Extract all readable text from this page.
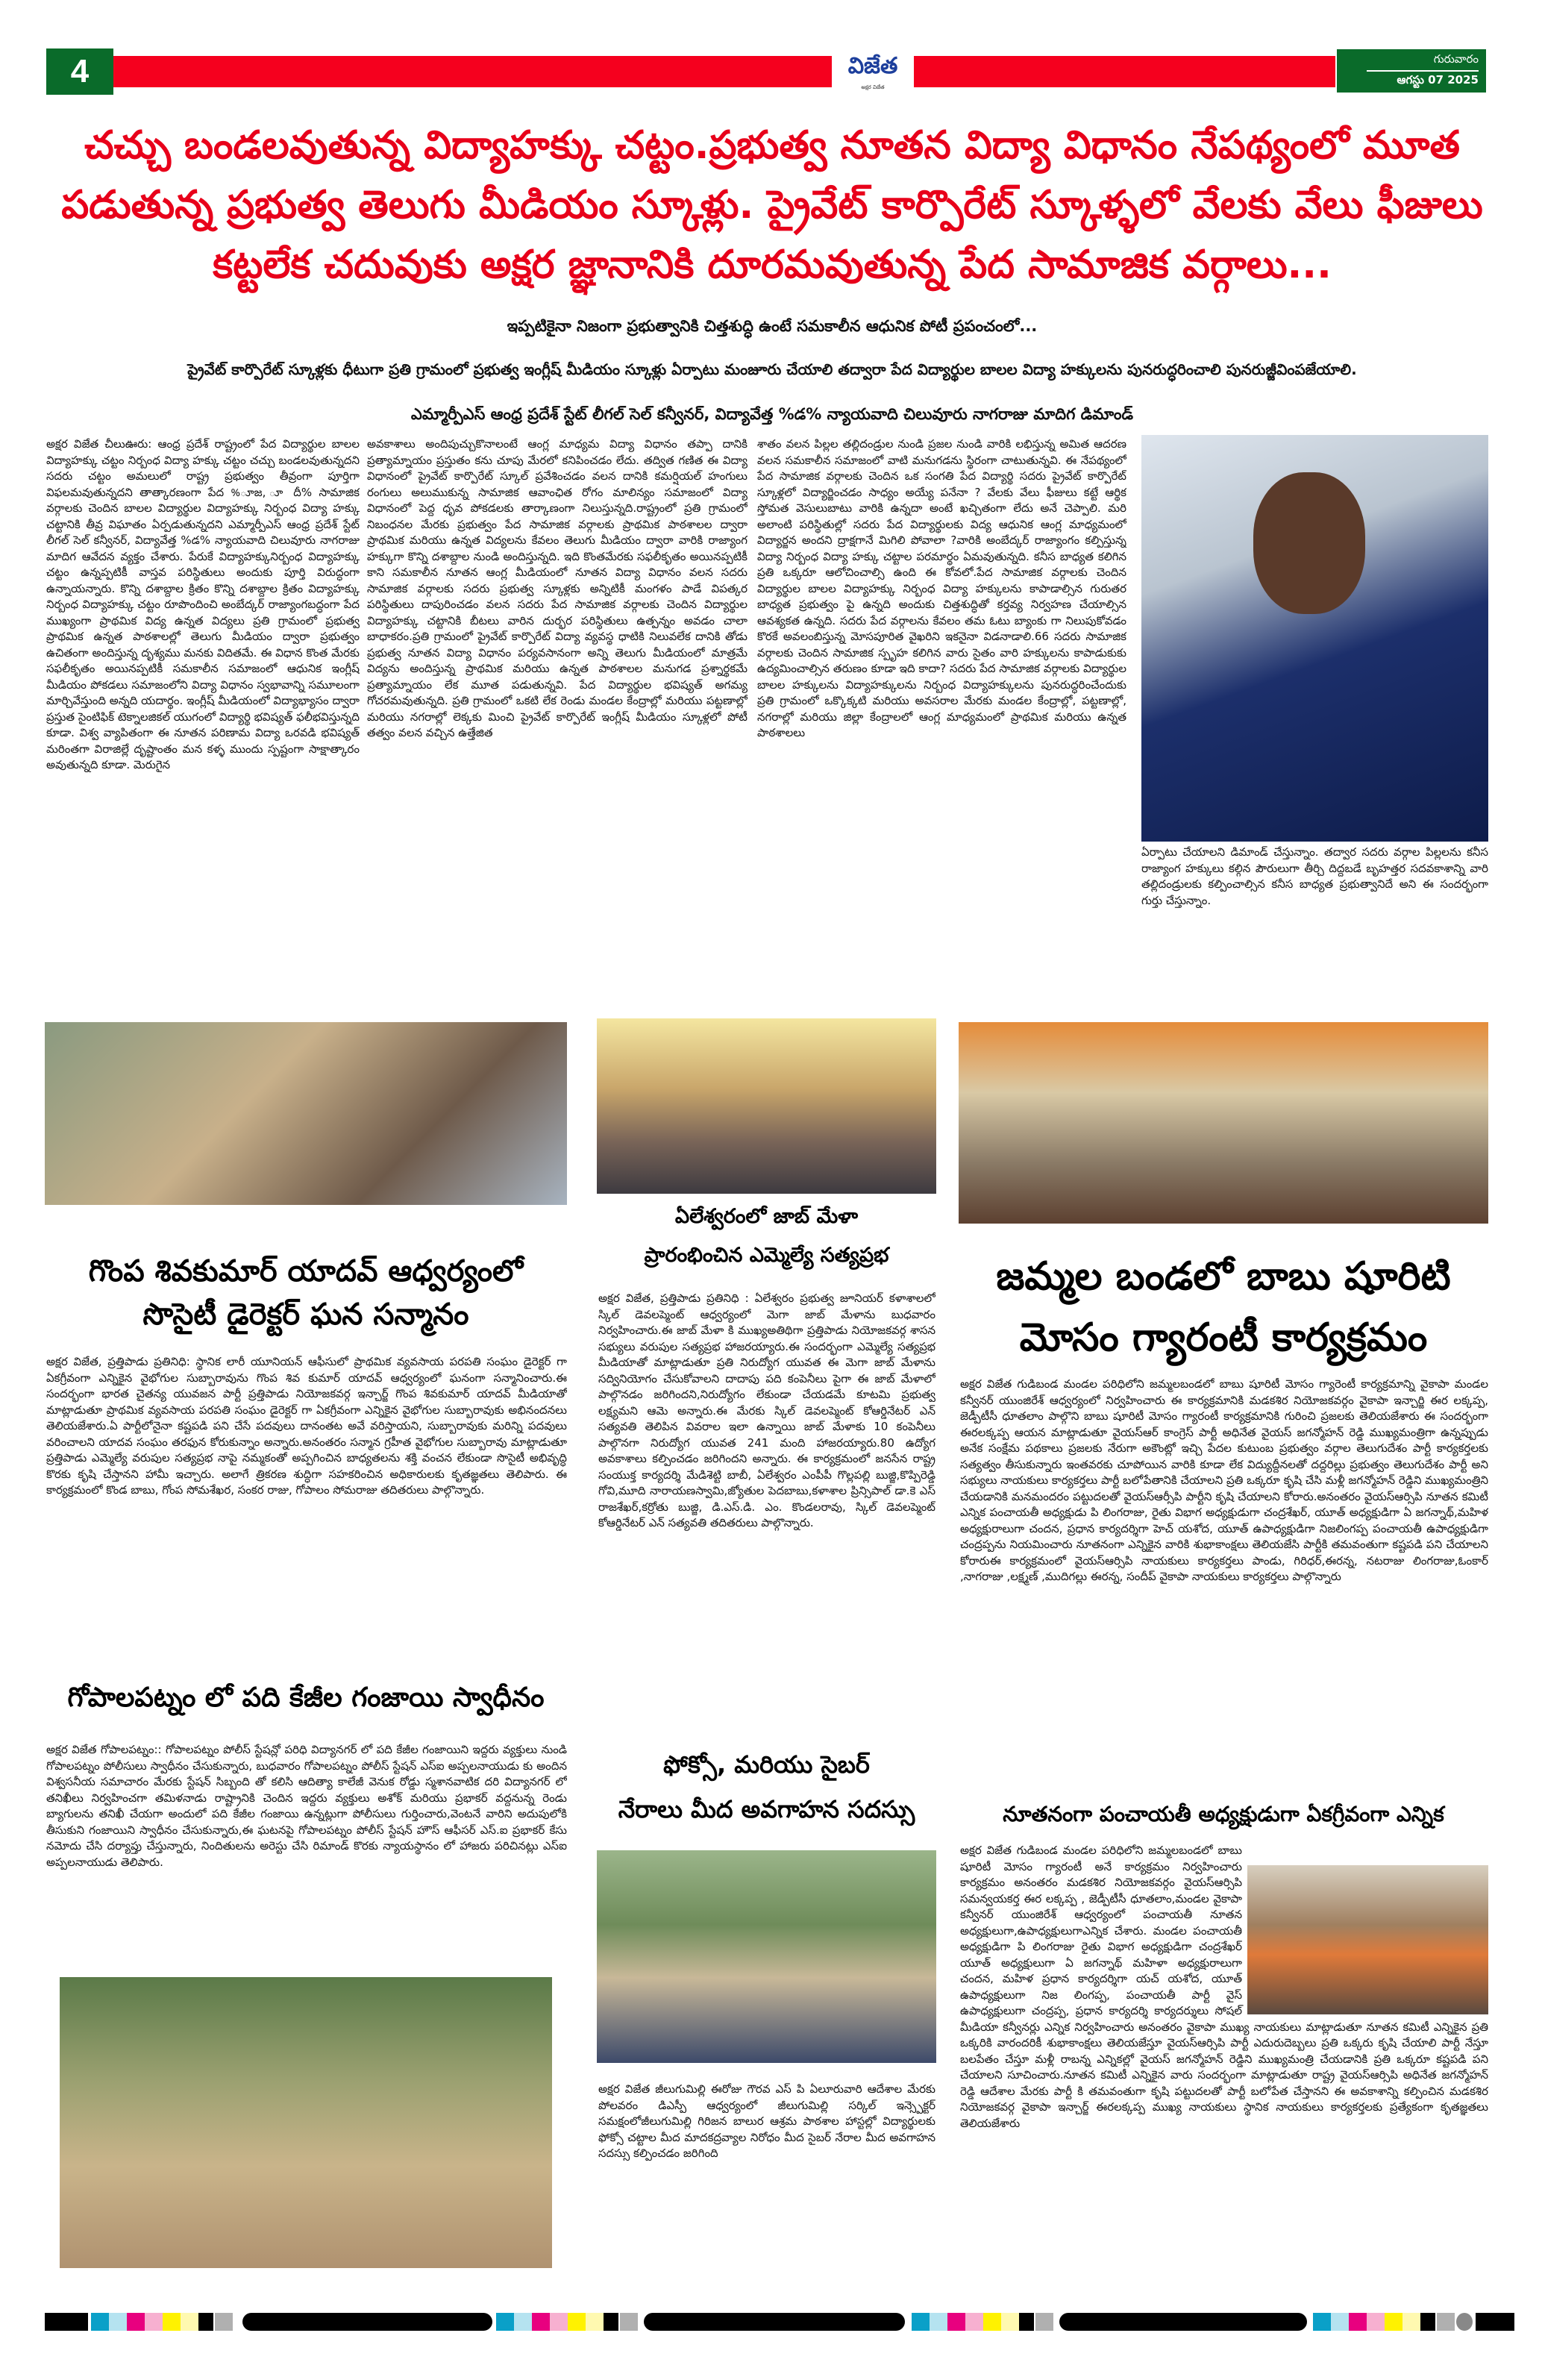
4	విజేత
అక్షర విజేత
గురువారం
ఆగస్టు 07 2025
చచ్చు బండలవుతున్న విద్యాహక్కు చట్టం.ప్రభుత్వ నూతన విద్యా విధానం నేపథ్యంలో మూత
పడుతున్న ప్రభుత్వ తెలుగు మీడియం స్కూళ్లు. ప్రైవేట్ కార్పొరేట్ స్కూళ్ళలో వేలకు వేలు ఫీజులు
కట్టలేక చదువుకు అక్షర జ్ఞానానికి దూరమవుతున్న పేద సామాజిక వర్గాలు...
ఇప్పటికైనా నిజంగా ప్రభుత్వానికి చిత్తశుద్ధి ఉంటే సమకాలీన ఆధునిక పోటీ ప్రపంచంలో...
ప్రైవేట్ కార్పొరేట్ స్కూళ్లకు ధీటుగా ప్రతి గ్రామంలో ప్రభుత్వ ఇంగ్లీష్ మీడియం స్కూళ్లు ఏర్పాటు మంజూరు చేయాలి తద్వారా పేద విద్యార్థుల బాలల విద్యా హక్కులను పునరుద్ధరించాలి పునరుజ్జీవింపజేయాలి.
ఎమ్మార్పీఎస్ ఆంధ్ర ప్రదేశ్ స్టేట్ లీగల్ సెల్ కన్వీనర్, విద్యావేత్త %డ% న్యాయవాది చిలువూరు నాగరాజు మాదిగ డిమాండ్
అక్షర విజేత చీలుఊరు: ఆంధ్ర ప్రదేశ్ రాష్ట్రంలో పేద విద్యార్థుల బాలల విద్యాహక్కు చట్టం నిర్బంధ విద్యా హక్కు చట్టం చచ్చు బండలవుతున్నదని సదరు చట్టం అమలులో రాష్ట్ర ప్రభుత్వం తీవ్రంగా పూర్తిగా విఫలమవుతున్నదని తాత్కారణంగా పేద %ూజ, ూ దీ% సామాజిక వర్గాలకు చెందిన బాలల విద్యార్థుల విద్యాహక్కు నిర్బంధ విద్యా హక్కు చట్టానికి తీవ్ర విఘాతం ఏర్పడుతున్నదని ఎమ్మార్పీఎస్ ఆంధ్ర ప్రదేశ్ స్టేట్ లీగల్ సెల్ కన్వీనర్, విద్యావేత్త %డ% న్యాయవాది చిలువూరు నాగరాజు మాదిగ ఆవేదన వ్యక్తం చేశారు. పేరుకే విద్యాహక్కునిర్బంధ విద్యాహక్కు చట్టం ఉన్నప్పటికీ వాస్తవ పరిస్థితులు అందుకు పూర్తి విరుద్ధంగా ఉన్నాయన్నారు. కొన్ని దశాబ్దాల క్రితం కొన్ని దశాబ్దాల క్రితం విద్యాహక్కు నిర్బంధ విద్యాహక్కు చట్టం రూపొందించి అంబేద్కర్ రాజ్యాంగబద్ధంగా పేద ముఖ్యంగా ప్రాథమిక విద్య ఉన్నత విద్యలు ప్రతి గ్రామంలో ప్రభుత్వ ప్రాథమిక ఉన్నత పాఠశాలల్లో తెలుగు మీడియం ద్వారా ప్రభుత్వం ఉచితంగా అందిస్తున్న దృశ్యము మనకు విదితమే. ఈ విధాన కొంత మేరకు సఫలీకృతం అయినప్పటికీ సమకాలీన సమాజంలో ఆధునిక ఇంగ్లీష్ మీడియం పోకడలు సమాజంలోని విద్యా విధానం స్వభావాన్ని సమూలంగా మార్చివేస్తుంది అన్నది యదార్థం. ఇంగ్లీష్ మీడియంలో విద్యాభ్యాసం ద్వారా ప్రస్తుత సైంటిఫిక్ టెక్నాలజికల్ యుగంలో విద్యార్థి భవిష్యత్ ఫలీభవిస్తున్నది కూడా. విశ్వ వ్యాపితంగా ఈ నూతన పరిణామ విద్యా ఒరవడి భవిష్యత్ మరింతగా విరాజిల్లే దృష్టాంతం మన కళ్ళ ముందు స్పష్టంగా సాక్షాత్కారం అవుతున్నది కూడా. మెరుగైన
అవకాశాలు అందిపుచ్చుకొనాలంటే ఆంగ్ల మాధ్యమ విద్యా విధానం తప్పా దానికి ప్రత్యామ్నాయం ప్రస్తుతం కను చూపు మేరలో కనిపించడం లేదు. తద్విత గణిత ఈ విద్యా విధానంలో ప్రైవేట్ కార్పొరేట్ స్కూల్ ప్రవేశించడం వలన దానికి కమర్షియల్ హంగులు రంగులు అలుముకున్న సామాజిక ఆవాంఛిత రోగం మాలిన్యం సమాజంలో విద్యా విధానంలో పెద్ద ధృవ పోకడలకు తార్కాణంగా నిలుస్తున్నది.రాష్ట్రంలో ప్రతి గ్రామంలో నిబంధనల మేరకు ప్రభుత్వం పేద సామాజిక వర్గాలకు ప్రాథమిక పాఠశాలల ద్వారా ప్రాథమిక మరియు ఉన్నత విద్యలను కేవలం తెలుగు మీడియం ద్వారా వారికి రాజ్యాంగ హక్కుగా కొన్ని దశాబ్దాల నుండి అందిస్తున్నది. ఇది కొంతమేరకు సఫలీకృతం అయినప్పటికీ కాని సమకాలీన నూతన ఆంగ్ల మీడియంలో నూతన విద్యా విధానం వలన సదరు సామాజిక వర్గాలకు సదరు ప్రభుత్వ స్కూళ్లకు అన్నిటికీ మంగళం పాడే విపత్కర పరిస్థితులు దాపురించడం వలన సదరు పేద సామాజిక వర్గాలకు చెందిన విద్యార్థుల విద్యాహక్కు చట్టానికి బీటలు వారిన దుర్భర పరిస్థితులు ఉత్పన్నం అవడం చాలా బాధాకరం.ప్రతి గ్రామంలో ప్రైవేట్ కార్పొరేట్ విద్యా వ్యవస్థ ధాటికి నిలువలేక దానికి తోడు ప్రభుత్వ నూతన విద్యా విధానం పర్యవసానంగా అన్ని తెలుగు మీడియంలో మాత్రమే విద్యను అందిస్తున్న ప్రాథమిక మరియు ఉన్నత పాఠశాలల మనుగడ ప్రశ్నార్థకమే ప్రత్యామ్నాయం లేక మూత పడుతున్నవి. పేద విద్యార్థుల భవిష్యత్ అగమ్య గోచరమవుతున్నది. ప్రతి గ్రామంలో ఒకటి లేక రెండు మండల కేంద్రాల్లో మరియు పట్టణాల్లో మరియు నగరాల్లో లెక్కకు మించి ప్రైవేట్ కార్పొరేట్ ఇంగ్లీష్ మీడియం స్కూళ్లలో పోటీ తత్వం వలన వచ్చిన ఉత్తేజిత
శాతం వలన పిల్లల తల్లిదండ్రుల నుండి ప్రజల నుండి వారికి లభిస్తున్న అమిత ఆదరణ వలన సమకాలీన సమాజంలో వాటి మనుగడను స్థిరంగా చాటుతున్నవి. ఈ నేపథ్యంలో పేద సామాజిక వర్గాలకు చెందిన ఒక సంగతి పేద విద్యార్థి సదరు ప్రైవేట్ కార్పొరేట్ స్కూళ్లలో విద్యార్జించడం సాధ్యం అయ్యే పనేనా ? వేలకు వేలు ఫీజులు కట్టే ఆర్థిక స్తోమత వెసులుబాటు వారికి ఉన్నదా అంటే ఖచ్చితంగా లేదు అనే చెప్పాలి. మరి అలాంటి పరిస్థితుల్లో సదరు పేద విద్యార్థులకు విద్య ఆధునిక ఆంగ్ల మాధ్యమంలో విద్యార్జన అందని ద్రాక్షగానే మిగిలి పోవాలా ?వారికి అంబేద్కర్ రాజ్యాంగం కల్పిస్తున్న విద్యా నిర్బంధ విద్యా హక్కు చట్టాల పరమార్థం ఏమవుతున్నది. కనీస బాధ్యత కలిగిన ప్రతి ఒక్కరూ ఆలోచించాల్సి ఉంది ఈ కోవలో.పేద సామాజిక వర్గాలకు చెందిన విద్యార్థుల బాలల విద్యాహక్కు నిర్బంధ విద్యా హక్కులను కాపాడాల్సిన గురుతర బాధ్యత ప్రభుత్వం పై ఉన్నది అందుకు చిత్తశుద్ధితో కర్తవ్య నిర్వహణ చేయాల్సిన ఆవశ్యకత ఉన్నది. సదరు పేద వర్గాలను కేవలం తమ ఓటు బ్యాంకు గా నిలుపుకోవడం కొరకే అవలంబిస్తున్న మోసపూరిత వైఖరిని ఇకనైనా విడనాడాలి.66 సదరు సామాజిక వర్గాలకు చెందిన సామాజిక స్పృహ కలిగిన వారు సైతం వారి హక్కులను కాపాడుకుకు ఉద్యమించాల్సిన తరుణం కూడా ఇది కాదా? సదరు పేద సామాజిక వర్గాలకు విద్యార్థుల బాలల హక్కులను విద్యాహక్కులను నిర్బంధ విద్యాహక్కులను పునరుద్ధరించేందుకు ప్రతి గ్రామంలో ఒక్కొక్కటి మరియు అవసరాల మేరకు మండల కేంద్రాల్లో, పట్టణాల్లో, నగరాల్లో మరియు జిల్లా కేంద్రాలలో ఆంగ్ల మాధ్యమంలో ప్రాథమిక మరియు ఉన్నత పాఠశాలలు
ఏర్పాటు చేయాలని డిమాండ్ చేస్తున్నాం. తద్వార సదరు వర్గాల పిల్లలను కనీస రాజ్యాంగ హక్కులు కల్గిన పౌరులుగా తీర్చి దిద్దబడే బృహత్తర సదవకాశాన్ని వారి తల్లిదండ్రులకు కల్పించాల్సిన కనీస బాధ్యత ప్రభుత్వానిదే అని ఈ సందర్భంగా గుర్తు చేస్తున్నాం.
గొంప శివకుమార్ యాదవ్ ఆధ్వర్యంలో
సొసైటీ డైరెక్టర్ ఘన సన్మానం
అక్షర విజేత, ప్రత్తిపాడు ప్రతినిధి: స్థానిక లారీ యూనియన్ ఆఫీసులో ప్రాథమిక వ్యవసాయ పరపతి సంఘం డైరెక్టర్ గా ఏకగ్రీవంగా ఎన్నికైన వైభోగుల సుబ్బారావును గొంప శివ కుమార్ యాదవ్ ఆధ్వర్యంలో ఘనంగా సన్మానించారు.ఈ సందర్భంగా భారత చైతన్య యువజన పార్టీ ప్రత్తిపాడు నియోజకవర్గ ఇన్చార్జ్ గొంప శివకుమార్ యాదవ్ మీడియాతో మాట్లాడుతూ ప్రాథమిక వ్యవసాయ పరపతి సంఘం డైరెక్టర్ గా ఏకగ్రీవంగా ఎన్నికైన వైభోగుల సుబ్బారావుకు అభినందనలు తెలియజేశారు.ఏ పార్టీలోనైనా కష్టపడి పని చేసే పదవులు దానంతట అవే వరిస్తాయని, సుబ్బారావుకు మరిన్ని పదవులు వరించాలని యాదవ సంఘం తరఫున కోరుకున్నాం అన్నారు.అనంతరం సన్మాన గ్రహీత వైభోగుల సుబ్బారావు మాట్లాడుతూ ప్రత్తిపాడు ఎమ్మెల్యే వరుపుల సత్యప్రభ నాపై నమ్మకంతో అప్పగించిన బాధ్యతలను శక్తి వంచన లేకుండా సొసైటీ అభివృద్ధి కొరకు కృషి చేస్తానని హామీ ఇచ్చారు. అలాగే త్రికరణ శుద్ధిగా సహకరించిన అధికారులకు కృతజ్ఞతలు తెలిపారు. ఈ కార్యక్రమంలో కొండ బాబు, గోంప సోమశేఖర, సంకర రాజు, గోపాలం సోమరాజు తదితరులు పాల్గొన్నారు.
గోపాలపట్నం లో పది కేజీల గంజాయి స్వాధీనం
అక్షర విజేత గోపాలపట్నం:: గోపాలపట్నం పోలీస్ స్టేషన్లో పరిధి విద్యానగర్ లో పది కేజీల గంజాయిని ఇద్దరు వ్యక్తులు నుండి గోపాలపట్నం పోలీసులు స్వాధీనం చేసుకున్నారు, బుధవారం గోపాలపట్నం పోలీస్ స్టేషన్ ఎస్ఐ అప్పలనాయుడు కు అందిన విశ్వసనీయ సమాచారం మేరకు స్టేషన్ సిబ్బంది తో కలిసి ఆదిత్యా కాలేజీ వెనుక రోడ్డు స్మశానవాటిక దరి విద్యానగర్ లో తనిఖీలు నిర్వహించగా తమిళనాడు రాష్ట్రానికి చెందిన ఇద్దరు వ్యక్తులు అశోక్ మరియు ప్రభాకర్ వద్దనున్న రెండు బ్యాగులను తనిఖీ చేయగా అందులో పది కేజీల గంజాయి ఉన్నట్లుగా పోలీసులు గుర్తించారు,వెంటనే వారిని అదుపులోకి తీసుకుని గంజాయిని స్వాధీనం చేసుకున్నారు,ఈ ఘటనపై గోపాలపట్నం పోలీస్ స్టేషన్ హౌస్ ఆఫీసర్ ఎస్.ఐ ప్రభాకర్ కేసు నమోదు చేసి దర్యాప్తు చేస్తున్నారు, నిందితులను అరెస్టు చేసి రిమాండ్ కొరకు న్యాయస్థానం లో హాజరు పరిచినట్లు ఎస్ఐ అప్పలనాయుడు తెలిపారు.
ఏలేశ్వరంలో జాబ్ మేళా
ప్రారంభించిన ఎమ్మెల్యే సత్యప్రభ
అక్షర విజేత, ప్రత్తిపాడు ప్రతినిధి : ఏలేశ్వరం ప్రభుత్వ జూనియర్ కళాశాలలో స్కిల్ డెవలప్మెంట్ ఆధ్వర్యంలో మెగా జాబ్ మేళాను బుధవారం నిర్వహించారు.ఈ జాబ్ మేళా కి ముఖ్యఅతిథిగా ప్రత్తిపాడు నియోజకవర్గ శాసన సభ్యులు వరుపుల సత్యప్రభ హాజరయ్యారు.ఈ సందర్భంగా ఎమ్మెల్యే సత్యప్రభ మీడియాతో మాట్లాడుతూ ప్రతి నిరుద్యోగ యువత ఈ మెగా జాబ్ మేళాను సద్వినియోగం చేసుకోవాలని దాదాపు పది కంపెనీలు పైగా ఈ జాబ్ మేళాలో పాల్గొనడం జరిగిందని,నిరుద్యోగం లేకుండా చేయడమే కూటమి ప్రభుత్వ లక్ష్యమని ఆమె అన్నారు.ఈ మేరకు స్కిల్ డెవలప్మెంట్ కోఆర్డినేటర్ ఎన్ సత్యవతి తెలిపిన వివరాల ఇలా ఉన్నాయి జాబ్ మేళాకు 10 కంపెనీలు పాల్గొనగా నిరుద్యోగ యువత 241 మంది హాజరయ్యారు.80 ఉద్యోగ అవకాశాలు కల్పించడం జరిగిందని అన్నారు. ఈ కార్యక్రమంలో జనసేన రాష్ట్ర సంయుక్త కార్యదర్శి మేడిశెట్టి బాబీ, ఏలేశ్వరం ఎంపీపీ గొల్లపల్లి బుజ్జి,కొప్పిరెడ్డి గోవి,మూది నారాయణస్వామి,జ్యోతుల పెదబాబు,కళాశాల ప్రిన్సిపాల్ డా.కె ఎస్ రాజశేఖర్,కర్రోతు బుజ్జి, డి.ఎస్.డి. ఎం. కొండలరావు, స్కిల్ డెవలప్మెంట్ కోఆర్డినేటర్ ఎన్ సత్యవతి తదితరులు పాల్గొన్నారు.
ఫోక్సో, మరియు సైబర్
నేరాలు మీద అవగాహన సదస్సు
అక్షర విజేత జీలుగుమిల్లి ఈరోజు గౌరవ ఎస్ పి ఏలూరువారి ఆదేశాల మేరకు పోలవరం డిఎస్పీ ఆధ్వర్యంలో జీలుగుమిల్లి సర్కిల్ ఇన్స్పెక్టర్ సమక్షంలోజీలుగుమిల్లి గిరిజన బాలుర ఆశ్రమ పాఠశాల హాస్టల్లో విద్యార్థులకు ఫోక్సో చట్టాల మీద మాదకద్రవ్యాల నిరోధం మీద సైబర్ నేరాల మీద అవగాహన సదస్సు కల్పించడం జరిగింది
జమ్మల బండలో బాబు షూరిటి
మోసం గ్యారంటీ కార్యక్రమం
అక్షర విజేత గుడిబండ మండల పరిధిలోని జమ్మలబండలో బాబు షూరిటీ మోసం గ్యారెంటీ కార్యక్రమాన్ని వైకాపా మండల కన్వీనర్ యుంజిరేశ్ ఆధ్వర్యంలో నిర్వహించారు ఈ కార్యక్రమానికి మడకశిర నియోజకవర్గం వైకాపా ఇన్చార్జి ఈర లక్కప్ప, జెడ్పీటీసీ ధూతలాం పాల్గొని బాబు షూరిటీ మోసం గ్యారంటీ కార్యక్రమానికి గురించి ప్రజలకు తెలియజేశారు ఈ సందర్భంగా ఈరలక్కప్ప ఆయన మాట్లాడుతూ వైయస్ఆర్ కాంగ్రెస్ పార్టీ అధినేత వైయస్ జగన్మోహన్ రెడ్డి ముఖ్యమంత్రిగా ఉన్నప్పుడు అనేక సంక్షేమ పథకాలు ప్రజలకు నేరుగా అకౌంట్లో ఇచ్చి పేదల కుటుంబ ప్రభుత్వం వర్గాల తెలుగుదేశం పార్టీ కార్యకర్తలకు సత్యత్వం తీసుకున్నారు ఇంతవరకు చూపోయిన వారికి కూడా లేక విద్యుద్దీనలతో దద్దరిల్లు ప్రభుత్వం తెలుగుదేశం పార్టీ అని సభ్యులు నాయకులు కార్యకర్తలు పార్టీ బలోపేతానికి చేయాలని ప్రతి ఒక్కరూ కృషి చేసి మళ్లీ జగన్మోహన్ రెడ్డిని ముఖ్యమంత్రిని చేయడానికి మనమందరం పట్టుదలతో వైయస్ఆర్సీపి పార్టీని కృషి చేయాలని కోరారు.అనంతరం వైయస్ఆర్సిపి నూతన కమిటీ ఎన్నిక పంచాయతీ అధ్యక్షుడు పి లింగరాజు, రైతు విభాగ అధ్యక్షుడుగా చంద్రశేఖర్, యూత్ అధ్యక్షుడిగా ఏ జగన్నాథ్,మహిళ అధ్యక్షురాలుగా చందన, ప్రధాన కార్యదర్శిగా హెచ్ యశోద, యూత్ ఉపాధ్యక్షుడిగా నిజలింగప్ప పంచాయతీ ఉపాధ్యక్షుడిగా చంద్రప్పను నియమించారు నూతనంగా ఎన్నికైన వారికి శుభాకాంక్షలు తెలియజేసి పార్టీకి తమవంతుగా కష్టపడి పని చేయాలని కోరారుఈ కార్యక్రమంలో వైయస్ఆర్సిపి నాయకులు కార్యకర్తలు పాండు, గిరిధర్,ఈరన్న, నటరాజు లింగరాజు,ఓంకార్ ,నాగరాజు ,లక్ష్మణ్ ,ముదిగల్లు ఈరన్న, సందీప్ వైకాపా నాయకులు కార్యకర్తలు పాల్గొన్నారు
నూతనంగా పంచాయతీ అధ్యక్షుడుగా ఏకగ్రీవంగా ఎన్నిక
అక్షర విజేత గుడిబండ మండల పరిధిలోని జమ్మలబండలో బాబు షూరిటీ మోసం గ్యారంటీ అనే కార్యక్రమం నిర్వహించారు కార్యక్రమం అనంతరం మడకశిర నియోజకవర్గం వైయస్ఆర్సిపి సమన్వయకర్త ఈర లక్కప్ప , జెడ్పీటీసీ ధూతలాం,మండల వైకాపా కన్వీనర్ యుంజిరేశ్ ఆధ్వర్యంలో పంచాయతీ నూతన అధ్యక్షులుగా,ఉపాధ్యక్షులుగాఎన్నిక చేశారు. మండల పంచాయతీ అధ్యక్షుడిగా పి లింగరాజు రైతు విభాగ అధ్యక్షుడిగా చంద్రశేఖర్ యూత్ అధ్యక్షులుగా ఏ జగన్నాథ్ మహిళా అధ్యక్షురాలుగా చందన, మహిళ ప్రధాన కార్యదర్శిగా యచ్ యశోద, యూత్ ఉపాధ్యక్షులుగా నిజ లింగప్ప, పంచాయతీ పార్టీ వైస్ ఉపాధ్యక్షులుగా చంద్రప్ప, ప్రధాన కార్యదర్శి కార్యదర్శులు సోషల్ మీడియా కన్వీనర్లు ఎన్నిక నిర్వహించారు అనంతరం వైకాపా ముఖ్య నాయకులు మాట్లాడుతూ నూతన కమిటీ ఎన్నికైన ప్రతి ఒక్కరికి వారందరికీ శుభాకాంక్షలు తెలియజేస్తూ వైయస్ఆర్సిపి పార్టీ ఎదురుదెబ్బలు ప్రతి ఒక్కరు కృషి చేయాలి పార్టీ నేస్తూ బలపేతం చేస్తూ మళ్లీ రాబన్న ఎన్నికల్లో వైయస్ జగన్మోహన్ రెడ్డిని ముఖ్యమంత్రి చేయడానికి ప్రతి ఒక్కరూ కష్టపడి పని చేయాలని సూచించారు.నూతన కమిటీ ఎన్నికైన వారు సందర్భంగా మాట్లాడుతూ రాష్ట్ర వైయస్ఆర్సిపి అధినేత జగన్మోహన్ రెడ్డి ఆదేశాల మేరకు పార్టీ కి తమవంతుగా కృషి పట్టుదలతో పార్టీ బలోపేత చేస్తానని ఈ అవకాశాన్ని కల్పించిన మడకశిర నియోజకవర్గ వైకాపా ఇన్చార్జ్ ఈరలక్కప్ప ముఖ్య నాయకులు స్థానిక నాయకులు కార్యకర్తలకు ప్రత్యేకంగా కృతజ్ఞతలు తెలియజేశారు
